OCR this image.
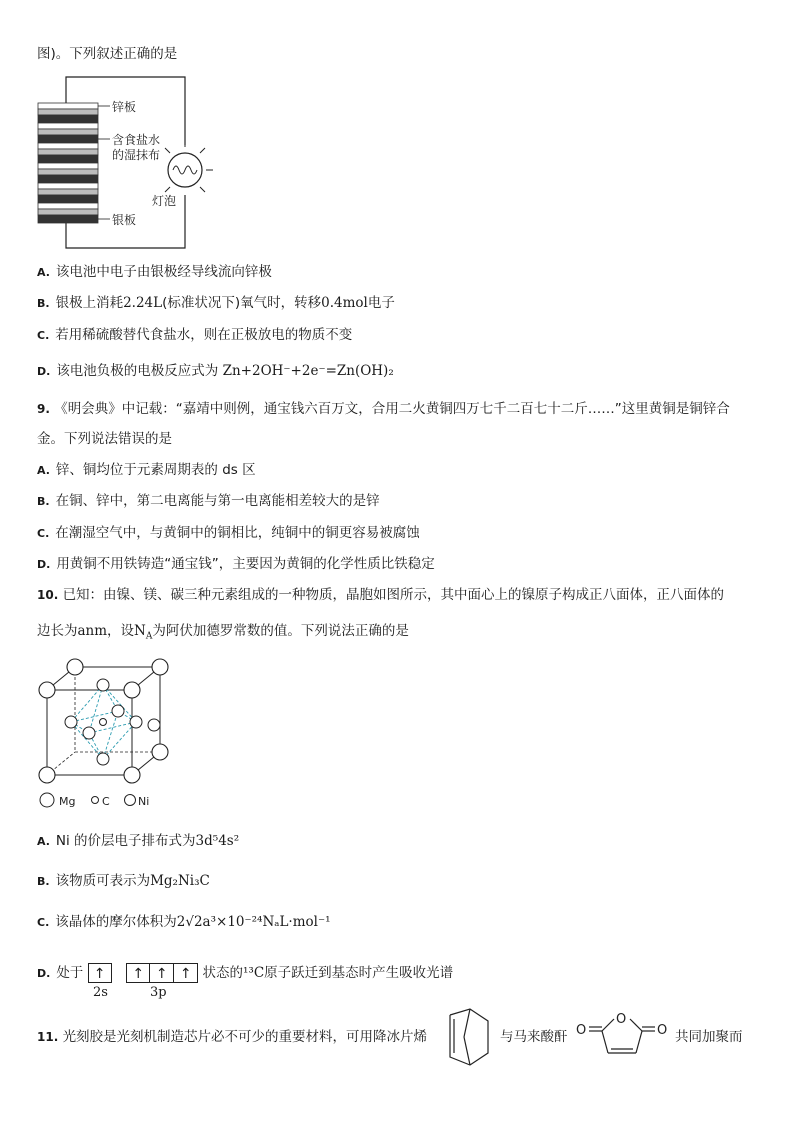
图)。下列叙述正确的是
锌板
含食盐水
的湿抹布
银板
灯泡
A. 该电池中电子由银极经导线流向锌极
B. 银极上消耗2.24L(标准状况下)氧气时，转移0.4mol电子
C. 若用稀硫酸替代食盐水，则在正极放电的物质不变
D. 该电池负极的电极反应式为 Zn+2OH⁻+2e⁻=Zn(OH)₂
9. 《明会典》中记载：“嘉靖中则例，通宝钱六百万文，合用二火黄铜四万七千二百七十二斤……”这里黄铜是铜锌合
金。下列说法错误的是
A. 锌、铜均位于元素周期表的 ds 区
B. 在铜、锌中，第二电离能与第一电离能相差较大的是锌
C. 在潮湿空气中，与黄铜中的铜相比，纯铜中的铜更容易被腐蚀
D. 用黄铜不用铁铸造“通宝钱”，主要因为黄铜的化学性质比铁稳定
10. 已知：由镍、镁、碳三种元素组成的一种物质，晶胞如图所示，其中面心上的镍原子构成正八面体，正八面体的
边长为anm，设$N_A$为阿伏加德罗常数的值。下列说法正确的是
Mg C	Ni
A. Ni 的价层电子排布式为3d⁵4s²
B. 该物质可表示为Mg₂Ni₃C
C. 该晶体的摩尔体积为2√2a³×10⁻²⁴NₐL·mol⁻¹
D. 处于 ↑ ↑ ↑ ↑ 状态的¹³C原子跃迁到基态时产生吸收光谱
2s	3p
11. 光刻胶是光刻机制造芯片必不可少的重要材料，可用降冰片烯	与马来酸酐
O
O	O 共同加聚而
